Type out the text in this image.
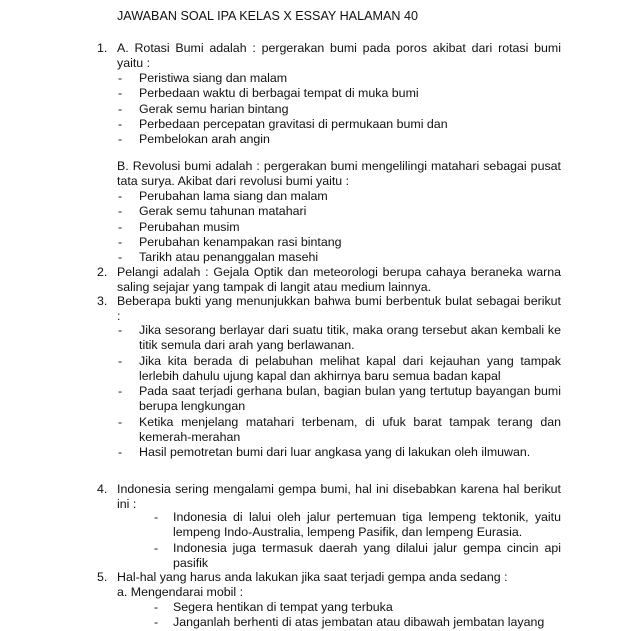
JAWABAN SOAL IPA KELAS X ESSAY HALAMAN 40
1. A. Rotasi Bumi adalah : pergerakan bumi pada poros akibat dari rotasi bumi yaitu :
- Peristiwa siang dan malam
- Perbedaan waktu di berbagai tempat di muka bumi
- Gerak semu harian bintang
- Perbedaan percepatan gravitasi di permukaan bumi dan
- Pembelokan arah angin
B. Revolusi bumi adalah : pergerakan bumi mengelilingi matahari sebagai pusat tata surya. Akibat dari revolusi bumi yaitu :
- Perubahan lama siang dan malam
- Gerak semu tahunan matahari
- Perubahan musim
- Perubahan kenampakan rasi bintang
- Tarikh atau penanggalan masehi
2. Pelangi adalah : Gejala Optik dan meteorologi berupa cahaya beraneka warna saling sejajar yang tampak di langit atau medium lainnya.
3. Beberapa bukti yang menunjukkan bahwa bumi berbentuk bulat sebagai berikut :
- Jika sesorang berlayar dari suatu titik, maka orang tersebut akan kembali ke titik semula dari arah yang berlawanan.
- Jika kita berada di pelabuhan melihat kapal dari kejauhan yang tampak lerlebih dahulu ujung kapal dan akhirnya baru semua badan kapal
- Pada saat terjadi gerhana bulan, bagian bulan yang tertutup bayangan bumi berupa lengkungan
- Ketika menjelang matahari terbenam, di ufuk barat tampak terang dan kemerah-merahan
- Hasil pemotretan bumi dari luar angkasa yang di lakukan oleh ilmuwan.
4. Indonesia sering mengalami gempa bumi, hal ini disebabkan karena hal berikut ini :
- Indonesia di lalui oleh jalur pertemuan tiga lempeng tektonik, yaitu lempeng Indo-Australia, lempeng Pasifik, dan lempeng Eurasia.
- Indonesia juga termasuk daerah yang dilalui jalur gempa cincin api pasifik
5. Hal-hal yang harus anda lakukan jika saat terjadi gempa anda sedang :
a. Mengendarai mobil :
- Segera hentikan di tempat yang terbuka
- Janganlah berhenti di atas jembatan atau dibawah jembatan layang
